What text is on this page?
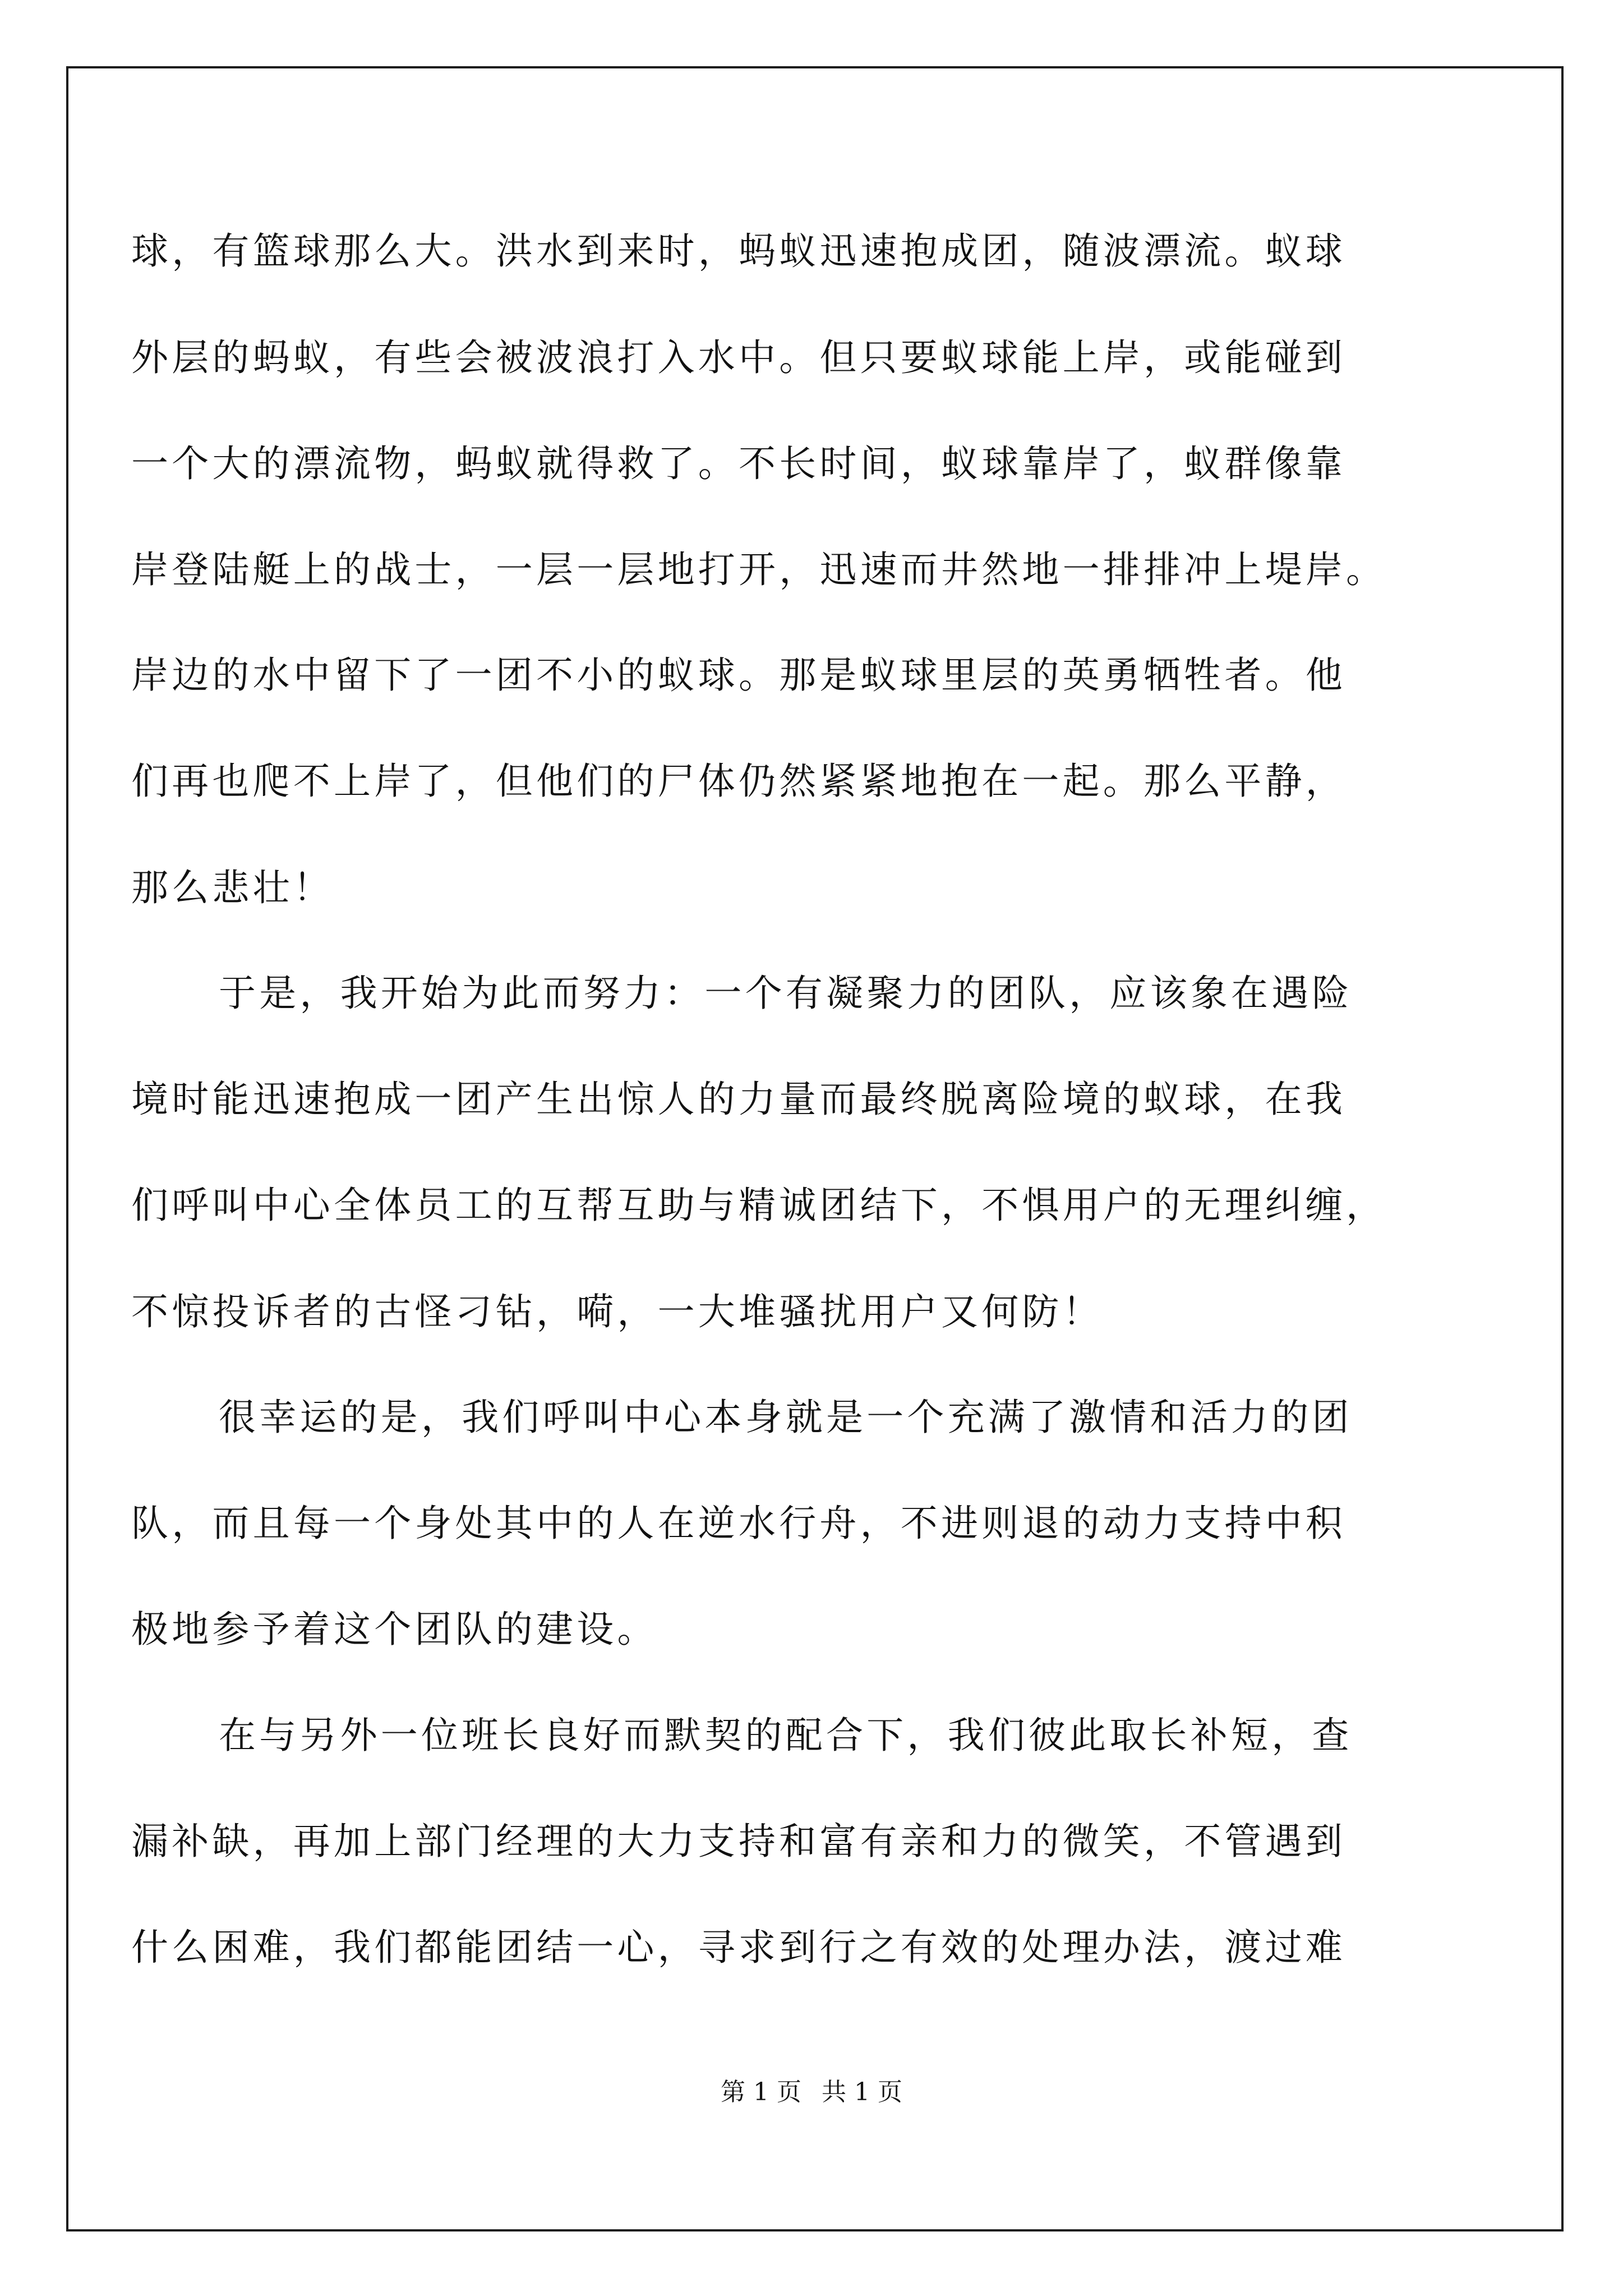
球，有篮球那么大。洪水到来时，蚂蚁迅速抱成团，随波漂流。蚁球
外层的蚂蚁，有些会被波浪打入水中。但只要蚁球能上岸，或能碰到
一个大的漂流物，蚂蚁就得救了。不长时间，蚁球靠岸了，蚁群像靠
岸登陆艇上的战士，一层一层地打开，迅速而井然地一排排冲上堤岸。
岸边的水中留下了一团不小的蚁球。那是蚁球里层的英勇牺牲者。他
们再也爬不上岸了，但他们的尸体仍然紧紧地抱在一起。那么平静，
那么悲壮！
于是，我开始为此而努力：一个有凝聚力的团队，应该象在遇险
境时能迅速抱成一团产生出惊人的力量而最终脱离险境的蚁球，在我
们呼叫中心全体员工的互帮互助与精诚团结下，不惧用户的无理纠缠，
不惊投诉者的古怪刁钻，嗬，一大堆骚扰用户又何防！
很幸运的是，我们呼叫中心本身就是一个充满了激情和活力的团
队，而且每一个身处其中的人在逆水行舟，不进则退的动力支持中积
极地参予着这个团队的建设。
在与另外一位班长良好而默契的配合下，我们彼此取长补短，查
漏补缺，再加上部门经理的大力支持和富有亲和力的微笑，不管遇到
什么困难，我们都能团结一心，寻求到行之有效的处理办法，渡过难
第 1 页 共 1 页
